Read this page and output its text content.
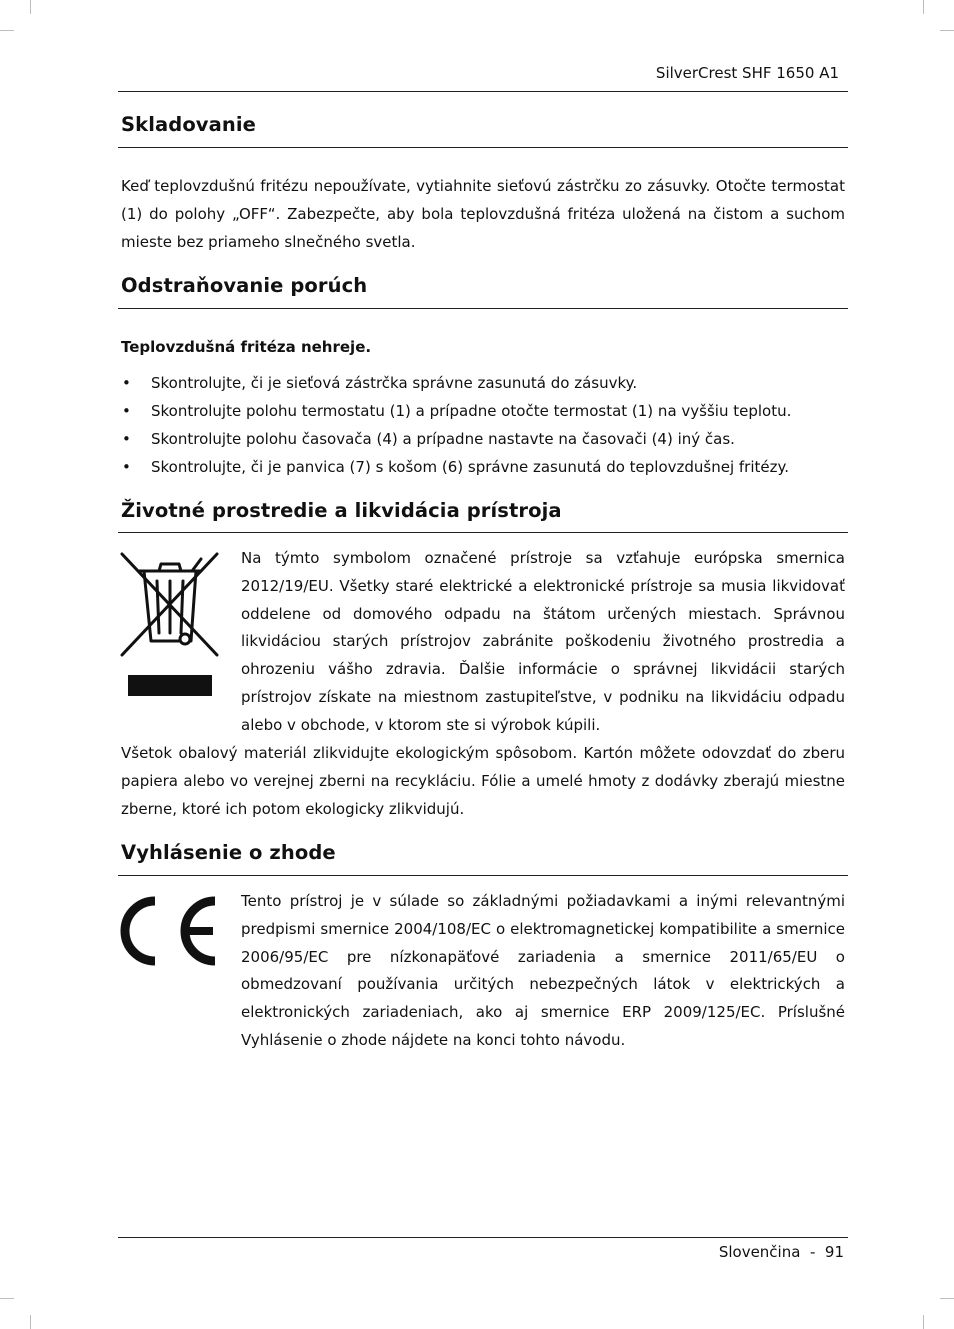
SilverCrest SHF 1650 A1
Skladovanie

Keď teplovzdušnú fritézu nepoužívate, vytiahnite sieťovú zástrčku zo zásuvky. Otočte termostat (1) do polohy „OFF“. Zabezpečte, aby bola teplovzdušná fritéza uložená na čistom a suchom mieste bez priameho slnečného svetla.

Odstraňovanie porúch

Teplovzdušná fritéza nehreje.

• Skontrolujte, či je sieťová zástrčka správne zasunutá do zásuvky.
• Skontrolujte polohu termostatu (1) a prípadne otočte termostat (1) na vyššiu teplotu.
• Skontrolujte polohu časovača (4) a prípadne nastavte na časovači (4) iný čas.
• Skontrolujte, či je panvica (7) s košom (6) správne zasunutá do teplovzdušnej fritézy.
Životné prostredie a likvidácia prístroja

Na týmto symbolom označené prístroje sa vzťahuje európska smernica 2012/19/EU. Všetky staré elektrické a elektronické prístroje sa musia likvidovať oddelene od domového odpadu na štátom určených miestach. Správnou likvidáciou starých prístrojov zabránite poškodeniu životného prostredia a ohrozeniu vášho zdravia. Ďalšie informácie o správnej likvidácii starých prístrojov získate na miestnom zastupiteľstve, v podniku na likvidáciu odpadu alebo v obchode, v ktorom ste si výrobok kúpili.

Všetok obalový materiál zlikvidujte ekologickým spôsobom. Kartón môžete odovzdať do zberu papiera alebo vo verejnej zberni na recykláciu. Fólie a umelé hmoty z dodávky zberajú miestne zberne, ktoré ich potom ekologicky zlikvidujú.

Vyhlásenie o zhode

Tento prístroj je v súlade so základnými požiadavkami a inými relevantnými predpismi smernice 2004/108/EC o elektromagnetickej kompatibilite a smernice 2006/95/EC pre nízkonapäťové zariadenia a smernice 2011/65/EU o obmedzovaní používania určitých nebezpečných látok v elektrických a elektronických zariadeniach, ako aj smernice ERP 2009/125/EC. Príslušné Vyhlásenie o zhode nájdete na konci tohto návodu.

Slovenčina  -  91
